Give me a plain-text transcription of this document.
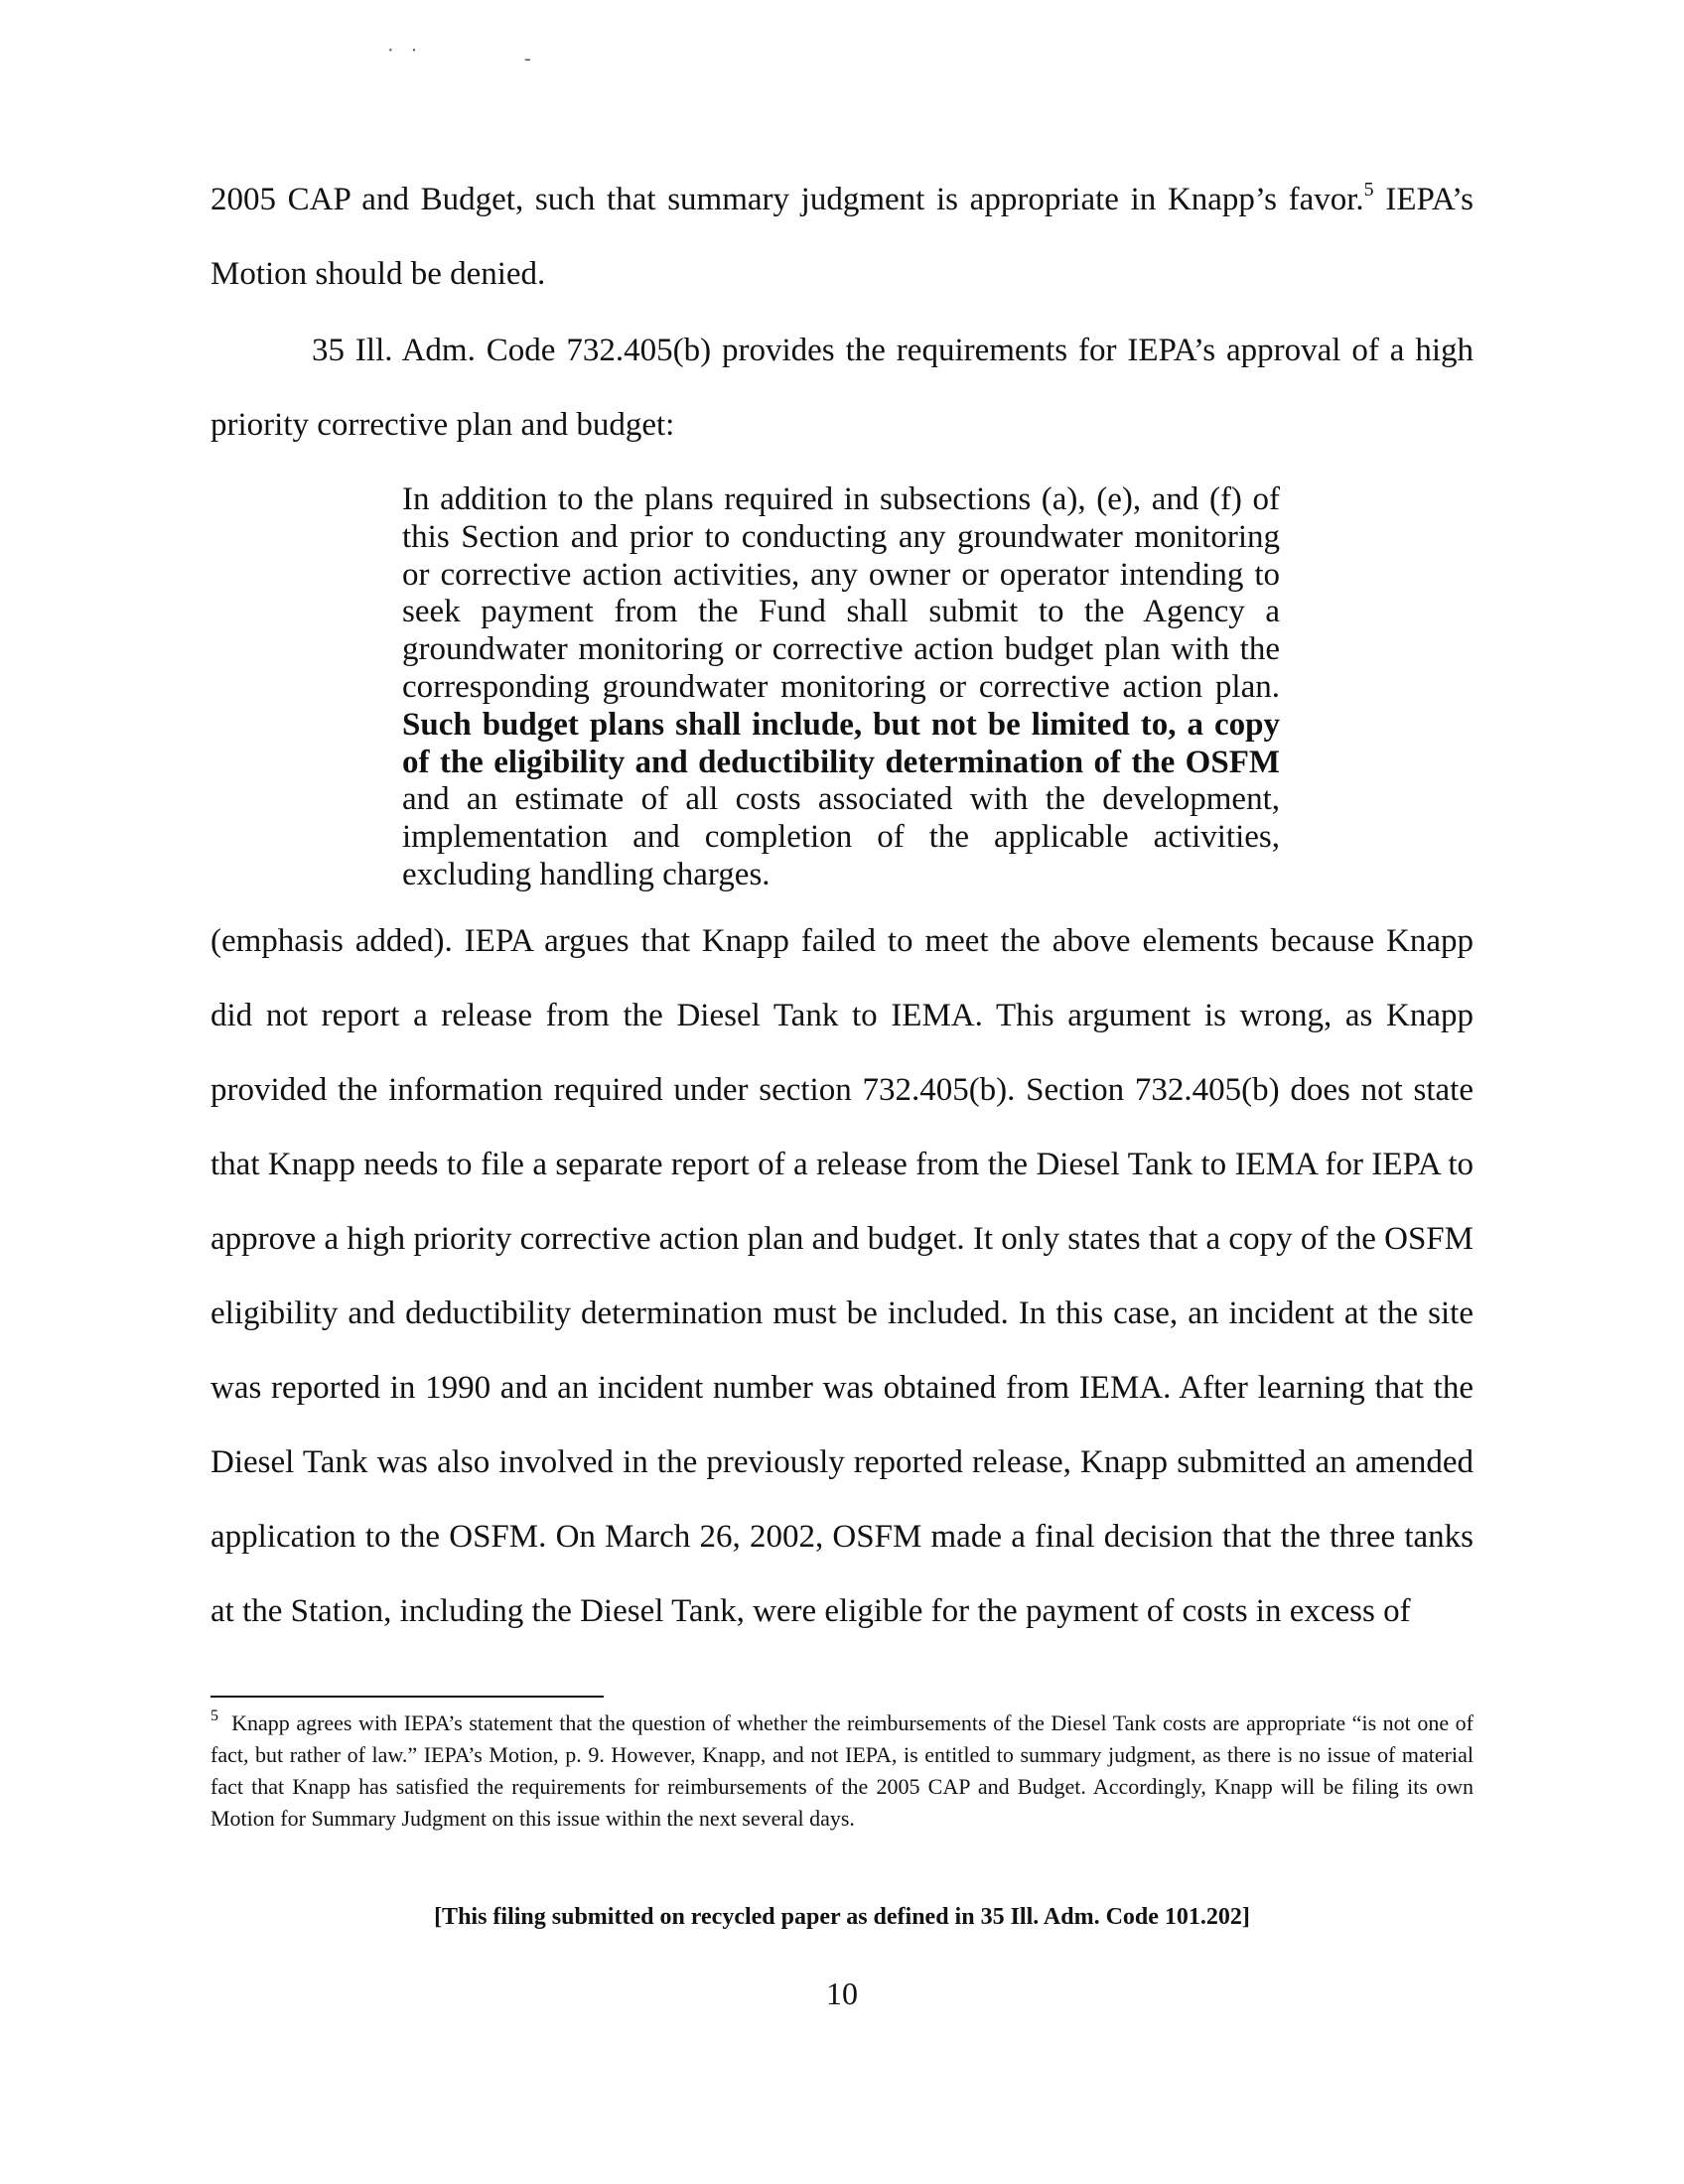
· ·	-

2005 CAP and Budget, such that summary judgment is appropriate in Knapp’s favor.$^5$ IEPA’s Motion should be denied.

35 Ill. Adm. Code 732.405(b) provides the requirements for IEPA’s approval of a high priority corrective plan and budget:

In addition to the plans required in subsections (a), (e), and (f) of this Section and prior to conducting any groundwater monitoring or corrective action activities, any owner or operator intending to seek payment from the Fund shall submit to the Agency a groundwater monitoring or corrective action budget plan with the corresponding groundwater monitoring or corrective action plan. Such budget plans shall include, but not be limited to, a copy of the eligibility and deductibility determination of the OSFM and an estimate of all costs associated with the development, implementation and completion of the applicable activities, excluding handling charges.

(emphasis added). IEPA argues that Knapp failed to meet the above elements because Knapp did not report a release from the Diesel Tank to IEMA. This argument is wrong, as Knapp provided the information required under section 732.405(b). Section 732.405(b) does not state that Knapp needs to file a separate report of a release from the Diesel Tank to IEMA for IEPA to approve a high priority corrective action plan and budget. It only states that a copy of the OSFM eligibility and deductibility determination must be included. In this case, an incident at the site was reported in 1990 and an incident number was obtained from IEMA. After learning that the Diesel Tank was also involved in the previously reported release, Knapp submitted an amended application to the OSFM. On March 26, 2002, OSFM made a final decision that the three tanks at the Station, including the Diesel Tank, were eligible for the payment of costs in excess of

$^5$ Knapp agrees with IEPA’s statement that the question of whether the reimbursements of the Diesel Tank costs are appropriate “is not one of fact, but rather of law.” IEPA’s Motion, p. 9. However, Knapp, and not IEPA, is entitled to summary judgment, as there is no issue of material fact that Knapp has satisfied the requirements for reimbursements of the 2005 CAP and Budget. Accordingly, Knapp will be filing its own Motion for Summary Judgment on this issue within the next several days.

[This filing submitted on recycled paper as defined in 35 Ill. Adm. Code 101.202]

10
